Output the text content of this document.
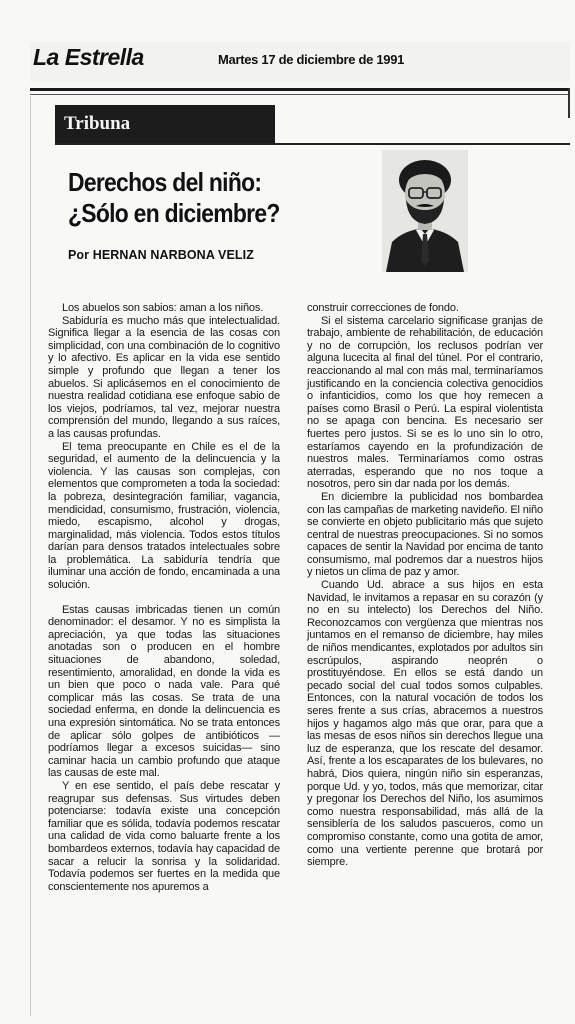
La Estrella	Martes 17 de diciembre de 1991
Tribuna
Derechos del niño:
¿Sólo en diciembre?
Por HERNAN NARBONA VELIZ

Los abuelos son sabios: aman a los niños.

Sabiduría es mucho más que intelectualidad. Significa llegar a la esencia de las cosas con simplicidad, con una combinación de lo cognitivo y lo afectivo. Es aplicar en la vida ese sentido simple y profundo que llegan a tener los abuelos. Si aplicásemos en el conocimiento de nuestra realidad cotidiana ese enfoque sabio de los viejos, podríamos, tal vez, mejorar nuestra comprensión del mundo, llegando a sus raíces, a las causas profundas.

El tema preocupante en Chile es el de la seguridad, el aumento de la delincuencia y la violencia. Y las causas son complejas, con elementos que comprometen a toda la sociedad: la pobreza, desintegración familiar, vagancia, mendicidad, consumismo, frustración, violencia, miedo, escapismo, alcohol y drogas, marginalidad, más violencia. Todos estos títulos darían para densos tratados intelectuales sobre la problemática. La sabiduría tendría que iluminar una acción de fondo, encaminada a una solución.

Estas causas imbricadas tienen un común denominador: el desamor. Y no es simplista la apreciación, ya que todas las situaciones anotadas son o producen en el hombre situaciones de abandono, soledad, resentimiento, amoralidad, en donde la vida es un bien que poco o nada vale. Para qué complicar más las cosas. Se trata de una sociedad enferma, en donde la delincuencia es una expresión sintomática. No se trata entonces de aplicar sólo golpes de antibióticos —podríamos llegar a excesos suicidas— sino caminar hacia un cambio profundo que ataque las causas de este mal.

Y en ese sentido, el país debe rescatar y reagrupar sus defensas. Sus virtudes deben potenciarse: todavía existe una concepción familiar que es sólida, todavía podemos rescatar una calidad de vida como baluarte frente a los bombardeos externos, todavía hay capacidad de sacar a relucir la sonrisa y la solidaridad. Todavía podemos ser fuertes en la medida que conscientemente nos apuremos a

construir correcciones de fondo.

Si el sistema carcelario significase granjas de trabajo, ambiente de rehabilitación, de educación y no de corrupción, los reclusos podrían ver alguna lucecita al final del túnel. Por el contrario, reaccionando al mal con más mal, terminaríamos justificando en la conciencia colectiva genocidios o infanticidios, como los que hoy remecen a países como Brasil o Perú. La espiral violentista no se apaga con bencina. Es necesario ser fuertes pero justos. Si se es lo uno sin lo otro, estaríamos cayendo en la profundización de nuestros males. Terminaríamos como ostras aterradas, esperando que no nos toque a nosotros, pero sin dar nada por los demás.

En diciembre la publicidad nos bombardea con las campañas de marketing navideño. El niño se convierte en objeto publicitario más que sujeto central de nuestras preocupaciones. Si no somos capaces de sentir la Navidad por encima de tanto consumismo, mal podremos dar a nuestros hijos y nietos un clima de paz y amor.

Cuando Ud. abrace a sus hijos en esta Navidad, le invitamos a repasar en su corazón (y no en su intelecto) los Derechos del Niño. Reconozcamos con vergüenza que mientras nos juntamos en el remanso de diciembre, hay miles de niños mendicantes, explotados por adultos sin escrúpulos, aspirando neoprén o prostituyéndose. En ellos se está dando un pecado social del cual todos somos culpables. Entonces, con la natural vocación de todos los seres frente a sus crías, abracemos a nuestros hijos y hagamos algo más que orar, para que a las mesas de esos niños sin derechos llegue una luz de esperanza, que los rescate del desamor. Así, frente a los escaparates de los bulevares, no habrá, Dios quiera, ningún niño sin esperanzas, porque Ud. y yo, todos, más que memorizar, citar y pregonar los Derechos del Niño, los asumimos como nuestra responsabilidad, más allá de la sensiblería de los saludos pascueros, como un compromiso constante, como una gotita de amor, como una vertiente perenne que brotará por siempre.
